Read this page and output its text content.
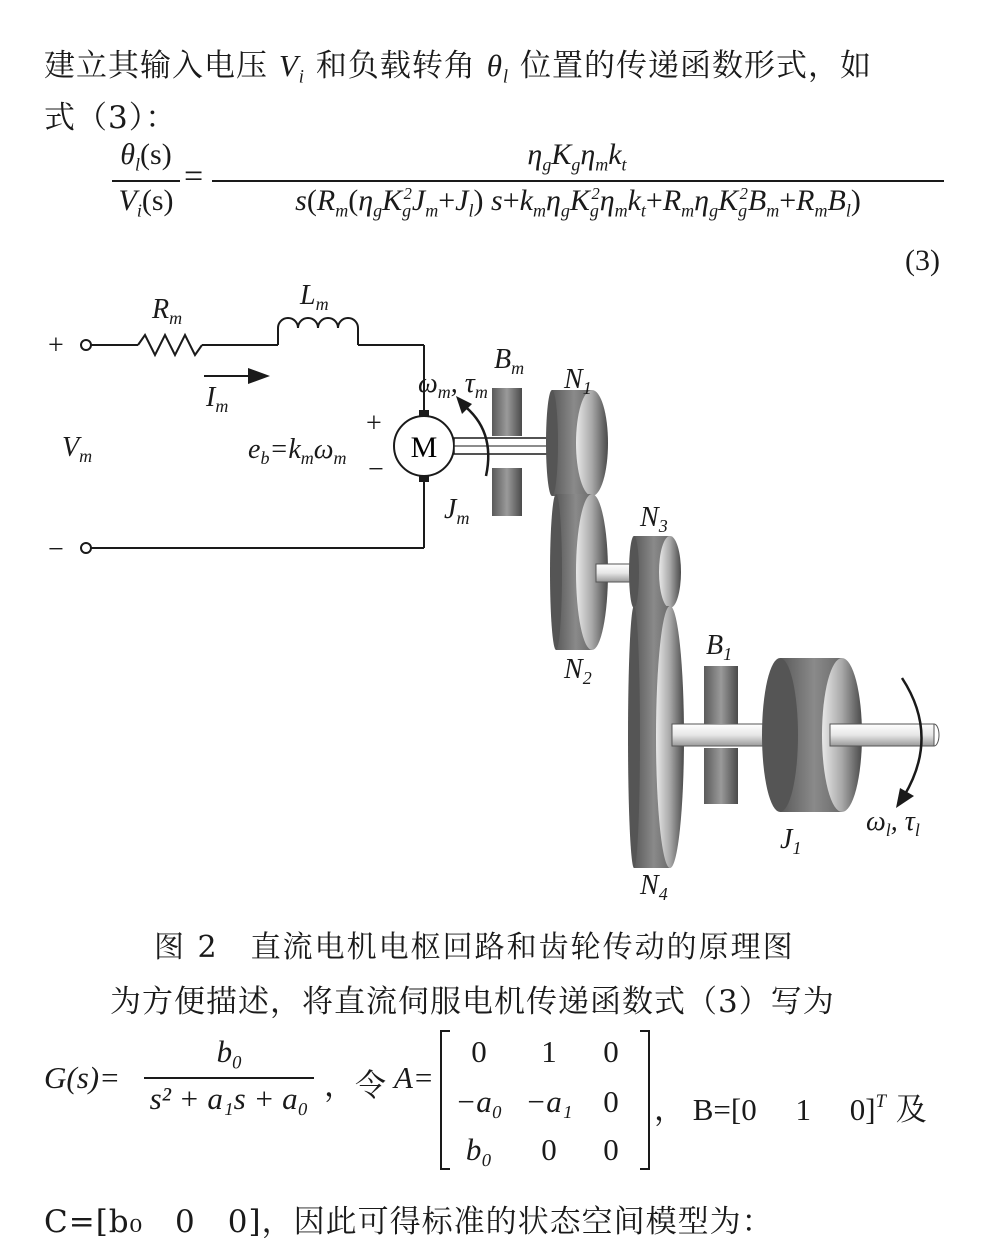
建立其输入电压 $V_i$ 和负载转角 $\theta_l$ 位置的传递函数形式，如
式（3）：
$\theta_l(s)$
$V_i(s)$
=
$\eta_gK_g\eta_mk_t$
$s(R_m(\eta_gK_g^2J_m+J_l)$ $s+k_m\eta_gK_g^2\eta_mk_t+R_m\eta_gK_g^2B_m+R_mB_l$)
(3)
M
+
−
$V_m$
$R_m$
$L_m$
$I_m$
+
−
$e_b=k_m\omega_m$
$\omega_m$, $\tau_m$
$B_m$
$J_m$
$N_1$
$N_2$
$N_3$
$N_4$
$B_1$
$J_1$
$\omega_l$, $\tau_l$
图 2　直流电机电枢回路和齿轮传动的原理图
为方便描述，将直流伺服电机传递函数式（3）写为
G(s)=
$b_0$
s² + a₁s + a₀ ，令 A=
0	1	0
−a₀ −a₁ 0
b₀	0	0
， B=[0　 1　 0]$^T$ 及
C=[b₀　0　0]，因此可得标准的状态空间模型为：
